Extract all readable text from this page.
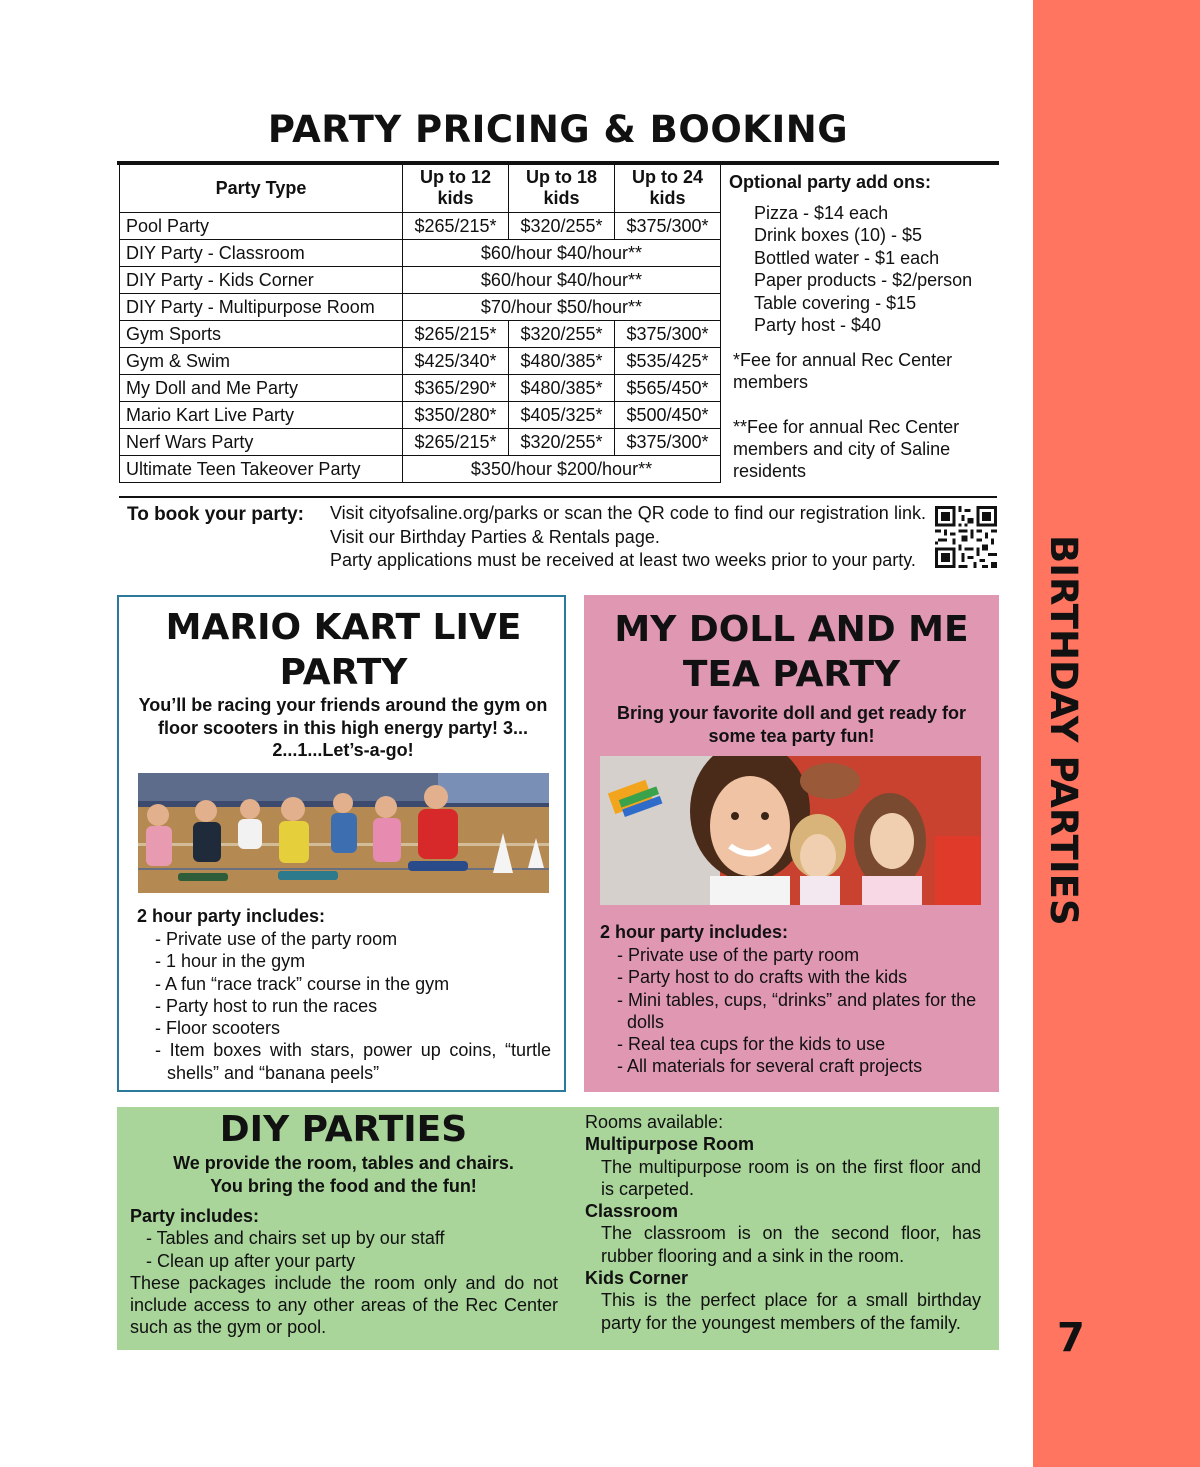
BIRTHDAY PARTIES
7
PARTY PRICING & BOOKING
Party Type	Up to 12 kids	Up to 18 kids	Up to 24 kids
Pool Party	$265/215*	$320/255*	$375/300*
DIY Party - Classroom	$60/hour $40/hour**		
DIY Party - Kids Corner	$60/hour $40/hour**		
DIY Party - Multipurpose Room	$70/hour $50/hour**		
Gym Sports	$265/215*	$320/255*	$375/300*
Gym & Swim	$425/340*	$480/385*	$535/425*
My Doll and Me Party	$365/290*	$480/385*	$565/450*
Mario Kart Live Party	$350/280*	$405/325*	$500/450*
Nerf Wars Party	$265/215*	$320/255*	$375/300*
Ultimate Teen Takeover Party	$350/hour $200/hour**		
Optional party add ons:
Pizza - $14 each
Drink boxes (10) - $5
Bottled water - $1 each
Paper products - $2/person
Table covering - $15
Party host - $40
*Fee for annual Rec Center members
**Fee for annual Rec Center members and city of Saline residents
To book your party: Visit cityofsaline.org/parks or scan the QR code to find our registration link. Visit our Birthday Parties & Rentals page.
Party applications must be received at least two weeks prior to your party.
MARIO KART LIVE PARTY
You’ll be racing your friends around the gym on floor scooters in this high energy party! 3... 2...1...Let’s-a-go!
2 hour party includes:
- Private use of the party room
- 1 hour in the gym
- A fun “race track” course in the gym
- Party host to run the races
- Floor scooters
- Item boxes with stars, power up coins, “turtle shells” and “banana peels”
MY DOLL AND ME TEA PARTY
Bring your favorite doll and get ready for some tea party fun!
2 hour party includes:
- Private use of the party room
- Party host to do crafts with the kids
- Mini tables, cups, “drinks” and plates for the dolls
- Real tea cups for the kids to use
- All materials for several craft projects
DIY PARTIES
We provide the room, tables and chairs.
You bring the food and the fun!
Party includes:
- Tables and chairs set up by our staff
- Clean up after your party
These packages include the room only and do not include access to any other areas of the Rec Center such as the gym or pool.
Rooms available:
Multipurpose Room
The multipurpose room is on the first floor and is carpeted.
Classroom
The classroom is on the second floor, has rubber flooring and a sink in the room.
Kids Corner
This is the perfect place for a small birthday party for the youngest members of the family.
